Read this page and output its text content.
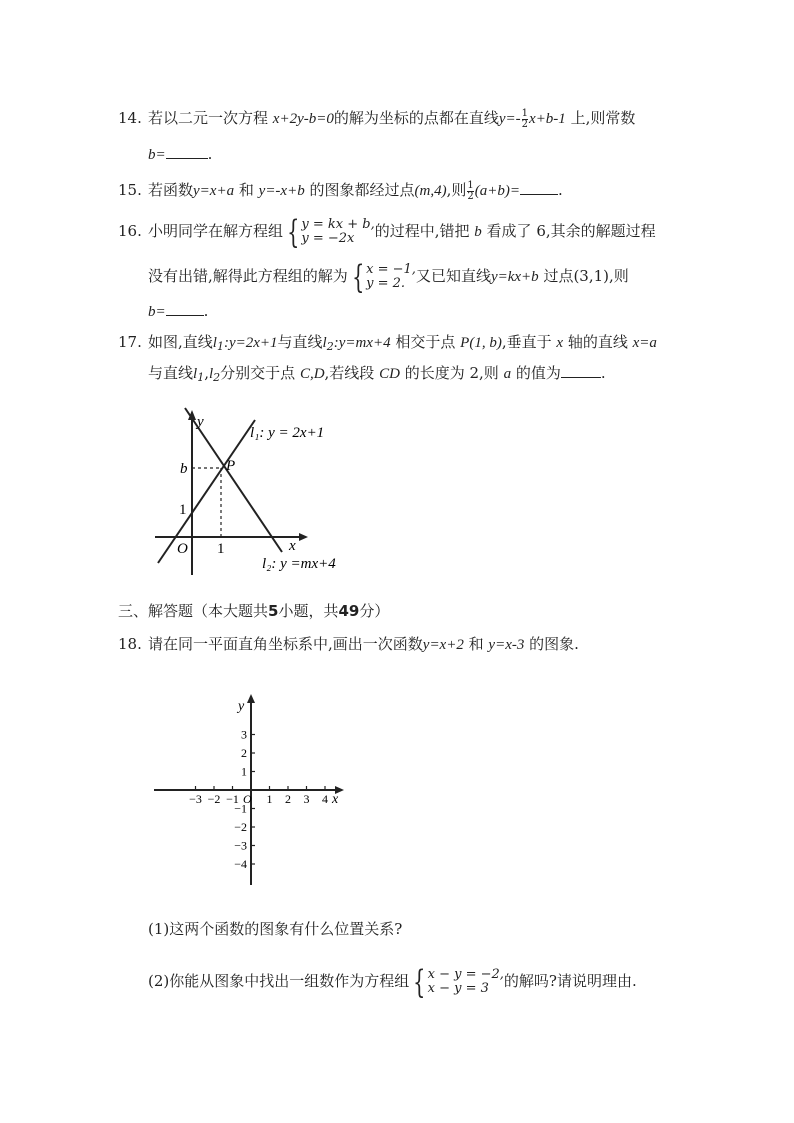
14. 若以二元一次方程 x+2y-b=0的解为坐标的点都在直线$y=- \frac{1}{2} x+b-1$ 上,则常数
b=	.
15. 若函数y=x+a 和 y=-x+b 的图象都经过点(m,4),则 $\frac{1}{2} (a+b)=$	.
16. 小明同学在解方程组 { y = kx + b,
y = −2x	的过程中,错把 b 看成了 6,其余的解题过程
没有出错,解得此方程组的解为 { x = −1,
y = 2. 又已知直线y=kx+b 过点(3,1),则
b=	.
17. 如图,直线$l_1:y=2x+1$与直线$l_2:y=mx+4$ 相交于点 P(1, b),垂直于 x 轴的直线 x=a
与直线$l_1,l_2$分别交于点 C,D,若线段 CD 的长度为 2,则 a 的值为	.
y
x
l₁: y = 2x+1
l₂: y =mx+4
P
b
1
1
O
三、解答题（本大题共5小题，共49分）
18. 请在同一平面直角坐标系中,画出一次函数y=x+2 和 y=x-3 的图象.
x
y
O
−3 −2 −1 1 2 3 4
3
2
1
−1
−2
−3
−4
(1)这两个函数的图象有什么位置关系?
(2)你能从图象中找出一组数作为方程组 { x − y = −2,
x − y = 3	的解吗?请说明理由.
